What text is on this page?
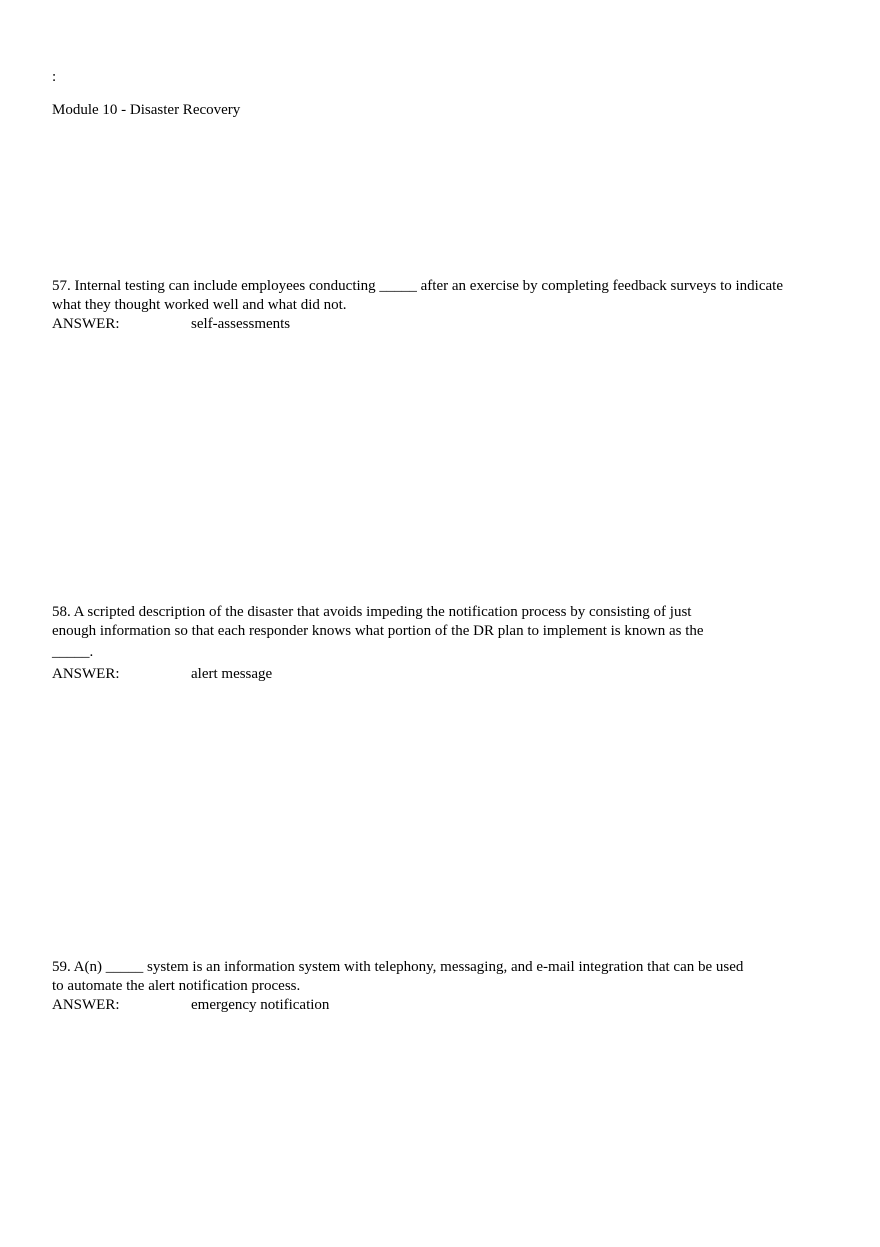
:
Module 10 - Disaster Recovery
57. Internal testing can include employees conducting _____ after an exercise by completing feedback surveys to indicate
what they thought worked well and what did not.
ANSWER:	self-assessments
58. A scripted description of the disaster that avoids impeding the notification process by consisting of just
enough information so that each responder knows what portion of the DR plan to implement is known as the
_____.
ANSWER:	alert message
59. A(n) _____ system is an information system with telephony, messaging, and e-mail integration that can be used
to automate the alert notification process.
ANSWER:	emergency notification
